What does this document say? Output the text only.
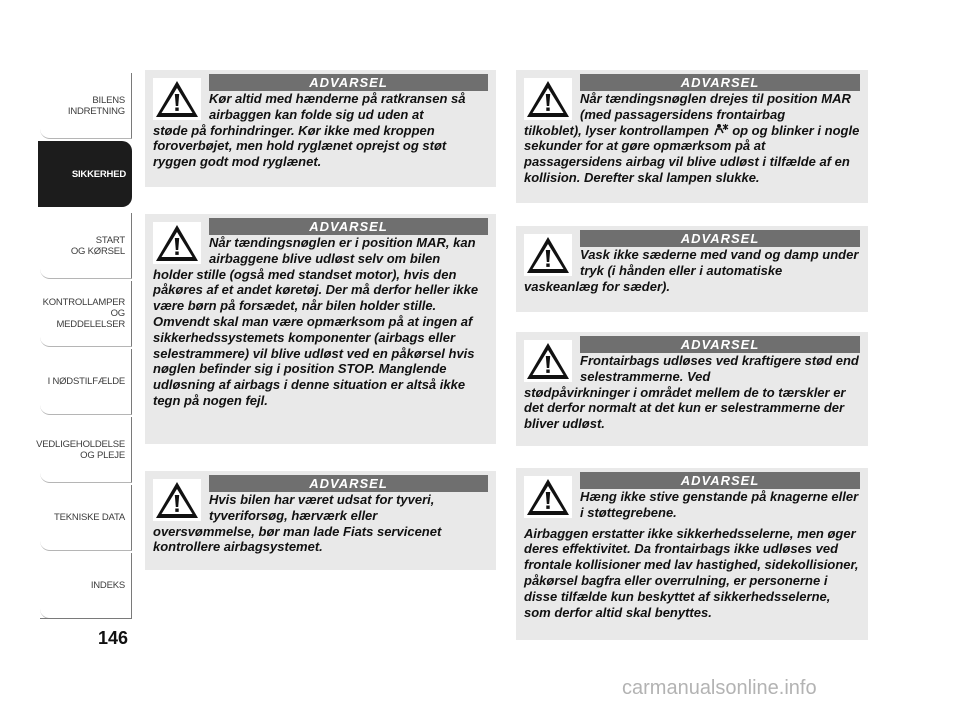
BILENS
INDRETNING
SIKKERHED
START
OG KØRSEL
KONTROLLAMPER
OG MEDDELELSER
I NØDSTILFÆLDE
VEDLIGEHOLDELSE
OG PLEJE
TEKNISKE DATA
INDEKS
146
ADVARSEL
Kør altid med hænderne på ratkransen så airbaggen kan folde sig ud uden at

støde på forhindringer. Kør ikke med kroppen foroverbøjet, men hold ryglænet oprejst og støt ryggen godt mod ryglænet.

ADVARSEL
Når tændingsnøglen er i position MAR, kan airbaggene blive udløst selv om bilen

holder stille (også med standset motor), hvis den påkøres af et andet køretøj. Der må derfor heller ikke være børn på forsædet, når bilen holder stille. Omvendt skal man være opmærksom på at ingen af sikkerhedssystemets komponenter (airbags eller selestrammere) vil blive udløst ved en påkørsel hvis nøglen befinder sig i position STOP. Manglende udløsning af airbags i denne situation er altså ikke tegn på nogen fejl.

ADVARSEL
Hvis bilen har været udsat for tyveri, tyveriforsøg, hærværk eller

oversvømmelse, bør man lade Fiats servicenet kontrollere airbagsystemet.

ADVARSEL
Når tændingsnøglen drejes til position MAR (med passagersidens frontairbag

tilkoblet), lyser kontrollampen op og blinker i nogle sekunder for at gøre opmærksom på at passagersidens airbag vil blive udløst i tilfælde af en kollision. Derefter skal lampen slukke.

ADVARSEL
Vask ikke sæderne med vand og damp under tryk (i hånden eller i automatiske

vaskeanlæg for sæder).

ADVARSEL
Frontairbags udløses ved kraftigere stød end selestrammerne. Ved

stødpåvirkninger i området mellem de to tærskler er det derfor normalt at det kun er selestrammerne der bliver udløst.

ADVARSEL
Hæng ikke stive genstande på knagerne eller i støttegrebene.

Airbaggen erstatter ikke sikkerhedsselerne, men øger deres effektivitet. Da frontairbags ikke udløses ved frontale kollisioner med lav hastighed, sidekollisioner, påkørsel bagfra eller overrulning, er personerne i disse tilfælde kun beskyttet af sikkerhedsselerne, som derfor altid skal benyttes.

carmanualsonline.info
